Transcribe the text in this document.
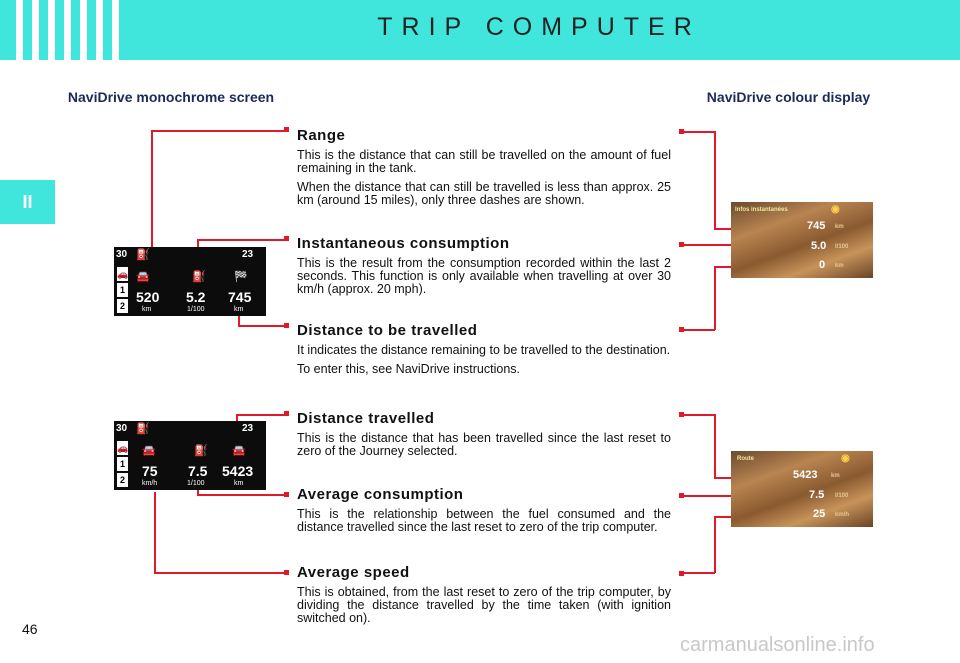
TRIP COMPUTER
II
NaviDrive monochrome screen	NaviDrive colour display
Range

This is the distance that can still be travelled on the amount of fuel remaining in the tank.

When the distance that can still be travelled is less than approx. 25 km (around 15 miles), only three dashes are shown.

Instantaneous consumption

This is the result from the consumption recorded within the last 2 seconds. This function is only available when travelling at over 30 km/h (approx. 20 mph).

Distance to be travelled

It indicates the distance remaining to be travelled to the destination.

To enter this, see NaviDrive instructions.

Distance travelled

This is the distance that has been travelled since the last reset to zero of the Journey selected.

Average consumption

This is the relationship between the fuel consumed and the distance travelled since the last reset to zero of the trip computer.

Average speed

This is obtained, from the last reset to zero of the trip computer, by dividing the distance travelled by the time taken (with ignition switched on).

30 ⛽	23
🚗
1
2
🚘	⛽	🏁
520 5.2 745
km	1/100	km
30 ⛽	23
🚗
1
2
🚘	⛽ 🚘
75 7.5 5423
km/h	1/100	km
Infos instantanées	◉
745 km
5.0 l/100
0 km
Route	◉
5423 km
7.5 l/100
25 km/h
46
carmanualsonline.info
